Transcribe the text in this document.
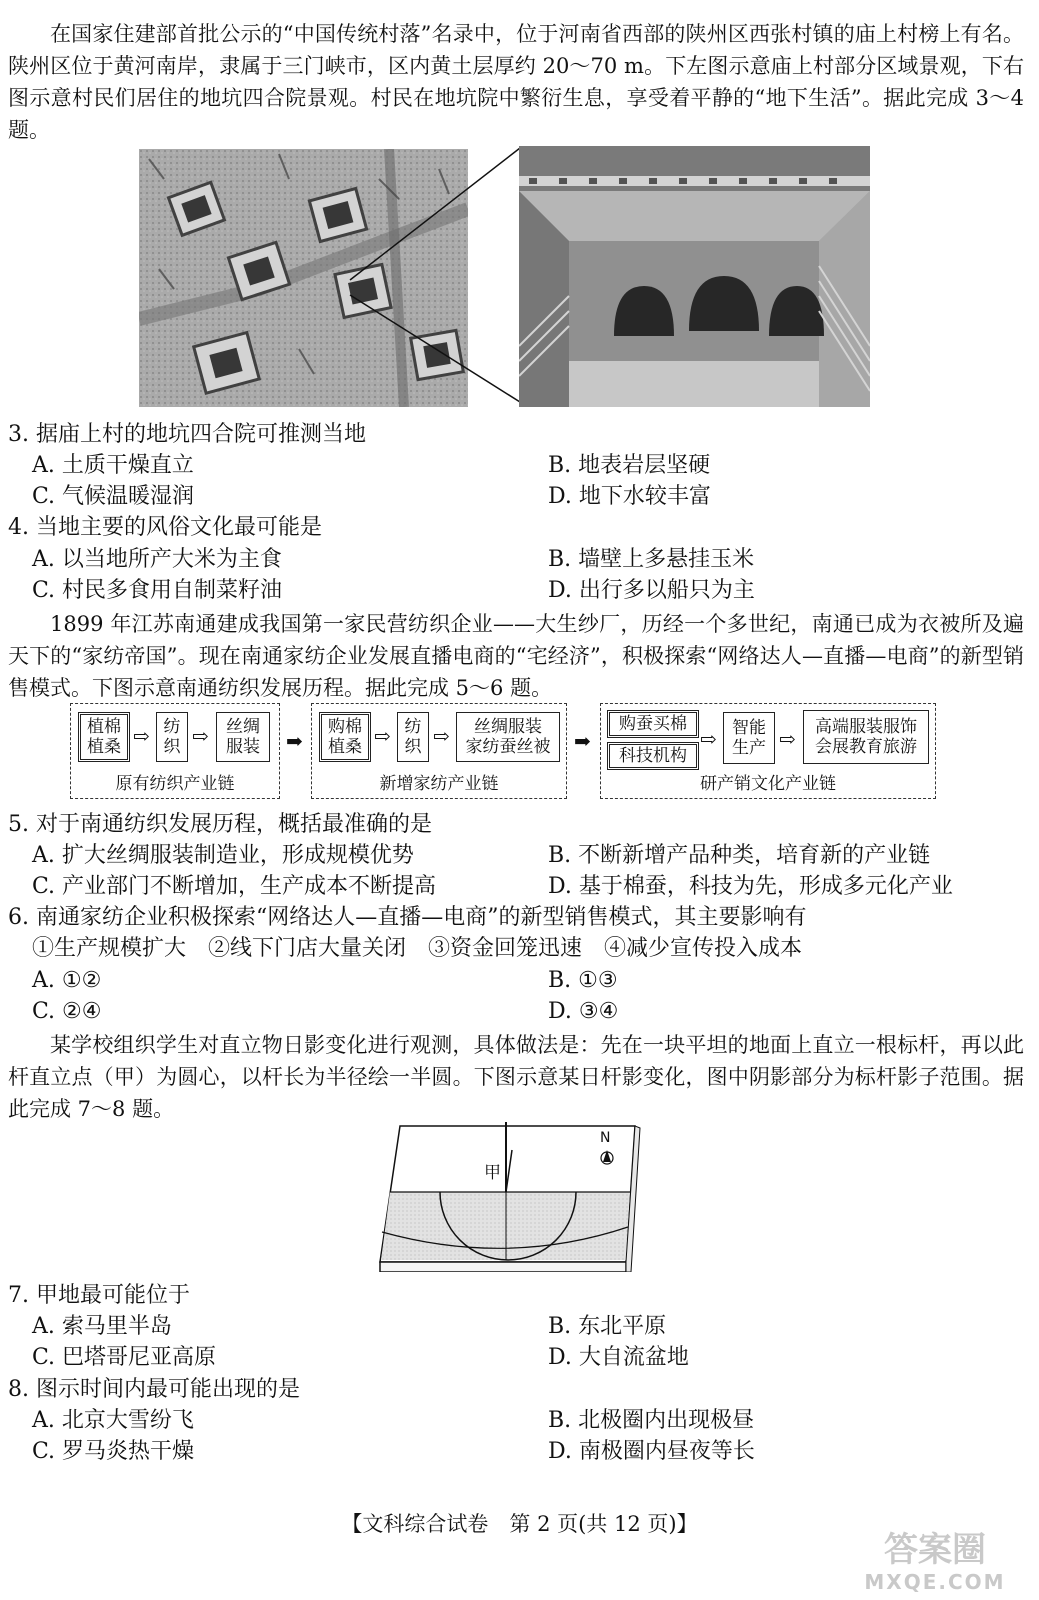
在国家住建部首批公示的“中国传统村落”名录中，位于河南省西部的陕州区西张村镇的庙上村榜上有名。陕州区位于黄河南岸，隶属于三门峡市，区内黄土层厚约 20～70 m。下左图示意庙上村部分区域景观，下右图示意村民们居住的地坑四合院景观。村民在地坑院中繁衍生息，享受着平静的“地下生活”。据此完成 3～4 题。

3. 据庙上村的地坑四合院可推测当地
A. 土质干燥直立	B. 地表岩层坚硬
C. 气候温暖湿润	D. 地下水较丰富
4. 当地主要的风俗文化最可能是
A. 以当地所产大米为主食	B. 墙壁上多悬挂玉米
C. 村民多食用自制菜籽油	D. 出行多以船只为主

1899 年江苏南通建成我国第一家民营纺织企业——大生纱厂，历经一个多世纪，南通已成为衣被所及遍天下的“家纺帝国”。现在南通家纺企业发展直播电商的“宅经济”，积极探索“网络达人—直播—电商”的新型销售模式。下图示意南通纺织发展历程。据此完成 5～6 题。

植棉
植桑 ⇨ 纺
织 ⇨ 丝绸
服装
原有纺织产业链
➡
购棉
植桑 ⇨ 纺
织 ⇨	丝绸服装
家纺蚕丝被
新增家纺产业链
➡
购蚕买棉
科技机构
⇨ 智能
生产 ⇨ 高端服装服饰
会展教育旅游
研产销文化产业链
5. 对于南通纺织发展历程，概括最准确的是
A. 扩大丝绸服装制造业，形成规模优势	B. 不断新增产品种类，培育新的产业链
C. 产业部门不断增加，生产成本不断提高	D. 基于棉蚕，科技为先，形成多元化产业
6. 南通家纺企业积极探索“网络达人—直播—电商”的新型销售模式，其主要影响有
①生产规模扩大　②线下门店大量关闭　③资金回笼迅速　④减少宣传投入成本
A. ①②	B. ①③
C. ②④	D. ③④

某学校组织学生对直立物日影变化进行观测，具体做法是：先在一块平坦的地面上直立一根标杆，再以此杆直立点（甲）为圆心，以杆长为半径绘一半圆。下图示意某日杆影变化，图中阴影部分为标杆影子范围。据此完成 7～8 题。

甲
N
7. 甲地最可能位于
A. 索马里半岛	B. 东北平原
C. 巴塔哥尼亚高原	D. 大自流盆地
8. 图示时间内最可能出现的是
A. 北京大雪纷飞	B. 北极圈内出现极昼
C. 罗马炎热干燥	D. 南极圈内昼夜等长
【文科综合试卷　第 2 页(共 12 页)】
答案圈
MXQE.COM
